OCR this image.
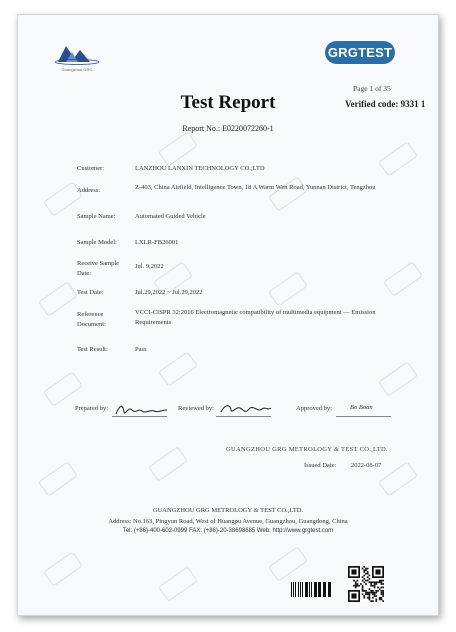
Guangzhou GRG
GRGTEST
Page 1 of 35
Verified code: 9331 1
Test Report
Report No.: E0220072260-1
Customer:	LANZHOU LANXIN TECHNOLOGY CO.,LTD
Address:	Z-403, China Airfield, Intelligence Town, 18 A Warm Wen Road, Yunnan District, Tengzhou
Sample Name:	Automated Guided Vehicle
Sample Model:	LXLR-FB26001
Receive Sample Date:
Jul. 9,2022
Test Date:	Jul.29,2022 ~ Jul.29,2022
Reference Document:
VCCI-CISPR 32:2016 Electromagnetic compatibility of multimedia equipment — Emission Requirements
Test Result:	Pass
Prepared by:	Reviewed by:	Approved by:	Bo Boan
GUANGZHOU GRG METROLOGY & TEST CO.,LTD.
Issued Date: 2022-08-07
GUANGZHOU GRG METROLOGY & TEST CO.,LTD.
Address: No.163, Pingyun Road, West of Huangpu Avenue, Guangzhou, Guangdong, China
Tel: (+86)-400-602-0999 FAX: (+86)-20-38698685 Web: http://www.grgtest.com
